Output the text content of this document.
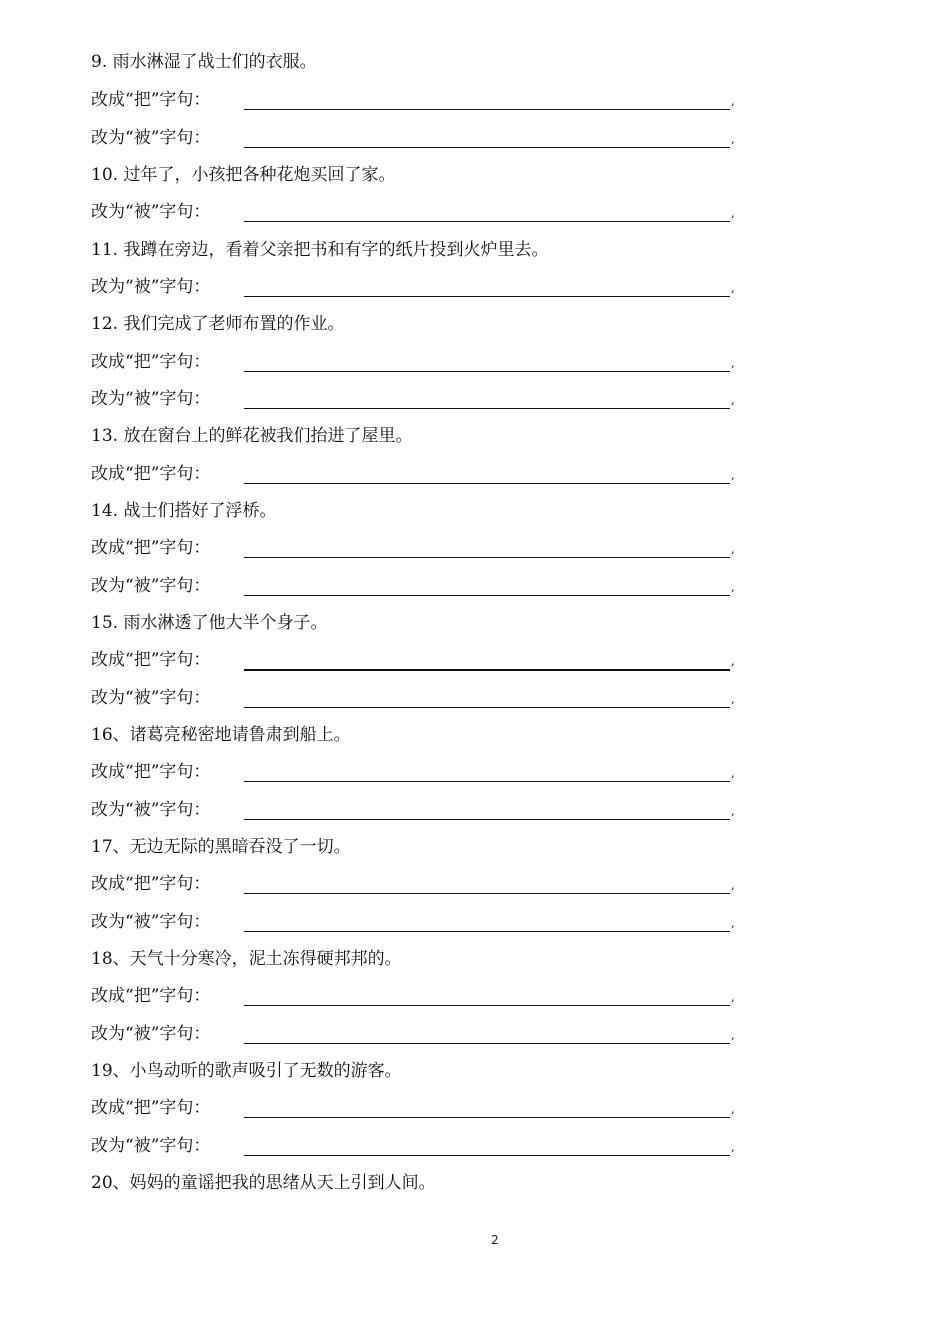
9. 雨水淋湿了战士们的衣服。
改成“把”字句：	,
改为“被”字句：	,
10. 过年了，小孩把各种花炮买回了家。
改为“被”字句：	,
11. 我蹲在旁边，看着父亲把书和有字的纸片投到火炉里去。
改为“被”字句：	,
12. 我们完成了老师布置的作业。
改成“把”字句：	,
改为“被”字句：	,
13. 放在窗台上的鲜花被我们抬进了屋里。
改成“把”字句：	,
14. 战士们搭好了浮桥。
改成“把”字句：	,
改为“被”字句：	,
15. 雨水淋透了他大半个身子。
改成“把”字句：	,
改为“被”字句：	,
16、诸葛亮秘密地请鲁肃到船上。
改成“把”字句：	,
改为“被”字句：	,
17、无边无际的黑暗吞没了一切。
改成“把”字句：	,
改为“被”字句：	,
18、天气十分寒冷，泥土冻得硬邦邦的。
改成“把”字句：	,
改为“被”字句：	,
19、小鸟动听的歌声吸引了无数的游客。
改成“把”字句：	,
改为“被”字句：	,
20、妈妈的童谣把我的思绪从天上引到人间。
2
